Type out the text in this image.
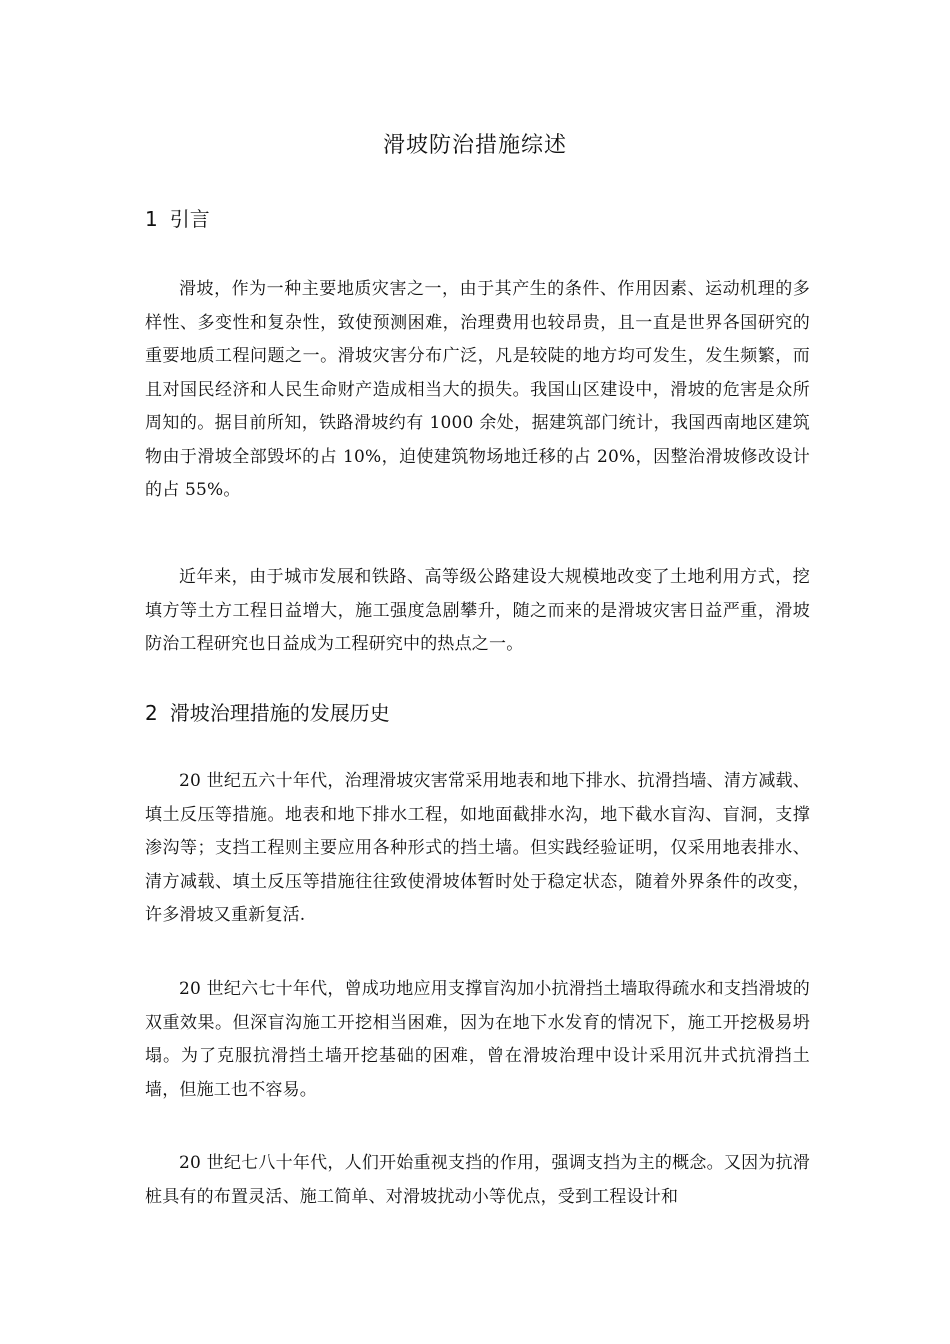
滑坡防治措施综述
1 引言

滑坡，作为一种主要地质灾害之一，由于其产生的条件、作用因素、运动机理的多样性、多变性和复杂性，致使预测困难，治理费用也较昂贵，且一直是世界各国研究的重要地质工程问题之一。滑坡灾害分布广泛，凡是较陡的地方均可发生，发生频繁，而且对国民经济和人民生命财产造成相当大的损失。我国山区建设中，滑坡的危害是众所周知的。据目前所知，铁路滑坡约有 1000 余处，据建筑部门统计，我国西南地区建筑物由于滑坡全部毁坏的占 10%，迫使建筑物场地迁移的占 20%，因整治滑坡修改设计的占 55%。

近年来，由于城市发展和铁路、高等级公路建设大规模地改变了土地利用方式，挖填方等土方工程日益增大，施工强度急剧攀升，随之而来的是滑坡灾害日益严重，滑坡防治工程研究也日益成为工程研究中的热点之一。

2 滑坡治理措施的发展历史

20 世纪五六十年代，治理滑坡灾害常采用地表和地下排水、抗滑挡墙、清方减载、填土反压等措施。地表和地下排水工程，如地面截排水沟，地下截水盲沟、盲洞，支撑渗沟等；支挡工程则主要应用各种形式的挡土墙。但实践经验证明，仅采用地表排水、清方减载、填土反压等措施往往致使滑坡体暂时处于稳定状态，随着外界条件的改变，许多滑坡又重新复活.

20 世纪六七十年代，曾成功地应用支撑盲沟加小抗滑挡土墙取得疏水和支挡滑坡的双重效果。但深盲沟施工开挖相当困难，因为在地下水发育的情况下，施工开挖极易坍塌。为了克服抗滑挡土墙开挖基础的困难，曾在滑坡治理中设计采用沉井式抗滑挡土墙，但施工也不容易。

20 世纪七八十年代，人们开始重视支挡的作用，强调支挡为主的概念。又因为抗滑桩具有的布置灵活、施工简单、对滑坡扰动小等优点，受到工程设计和
